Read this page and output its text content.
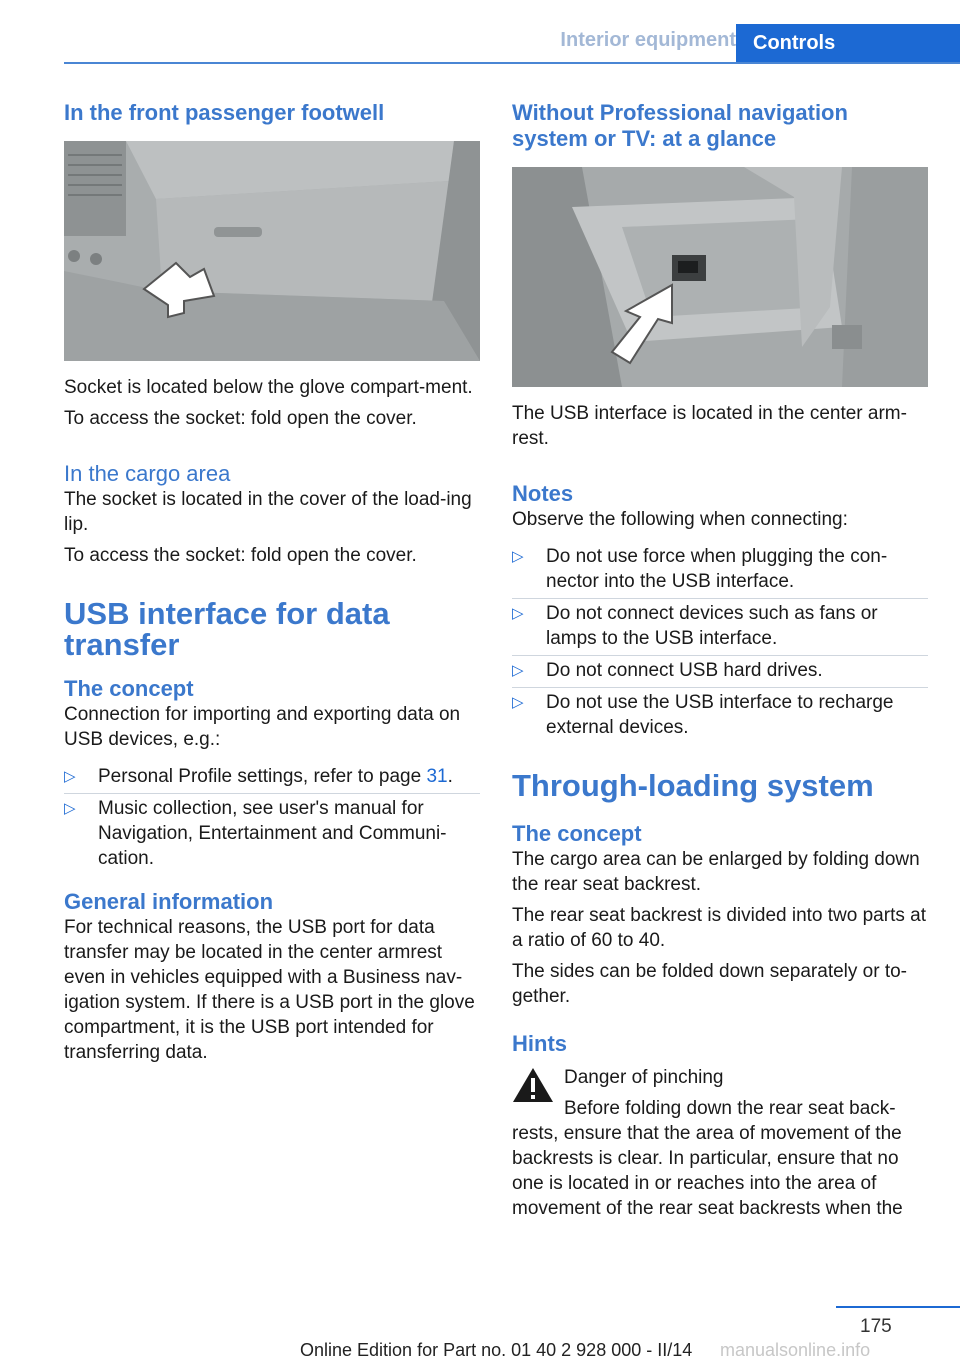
Interior equipment Controls
In the front passenger footwell

Socket is located below the glove compart-ment.

To access the socket: fold open the cover.

In the cargo area

The socket is located in the cover of the load-ing lip.

To access the socket: fold open the cover.

USB interface for data transfer
The concept

Connection for importing and exporting data on USB devices, e.g.:

▷ Personal Profile settings, refer to page 31.
▷ Music collection, see user's manual for Navigation, Entertainment and Communi-cation.
General information

For technical reasons, the USB port for data transfer may be located in the center armrest even in vehicles equipped with a Business nav-igation system. If there is a USB port in the glove compartment, it is the USB port intended for transferring data.

Without Professional navigation system or TV: at a glance

The USB interface is located in the center arm-rest.

Notes

Observe the following when connecting:

▷ Do not use force when plugging the con-nector into the USB interface.
▷ Do not connect devices such as fans or lamps to the USB interface.
▷ Do not connect USB hard drives.
▷ Do not use the USB interface to recharge external devices.
Through-loading system
The concept

The cargo area can be enlarged by folding down the rear seat backrest.

The rear seat backrest is divided into two parts at a ratio of 60 to 40.

The sides can be folded down separately or to-gether.

Hints

Danger of pinching

Before folding down the rear seat back-rests, ensure that the area of movement of the backrests is clear. In particular, ensure that no one is located in or reaches into the area of movement of the rear seat backrests when the

175
Online Edition for Part no. 01 40 2 928 000 - II/14 manualsonline.info
